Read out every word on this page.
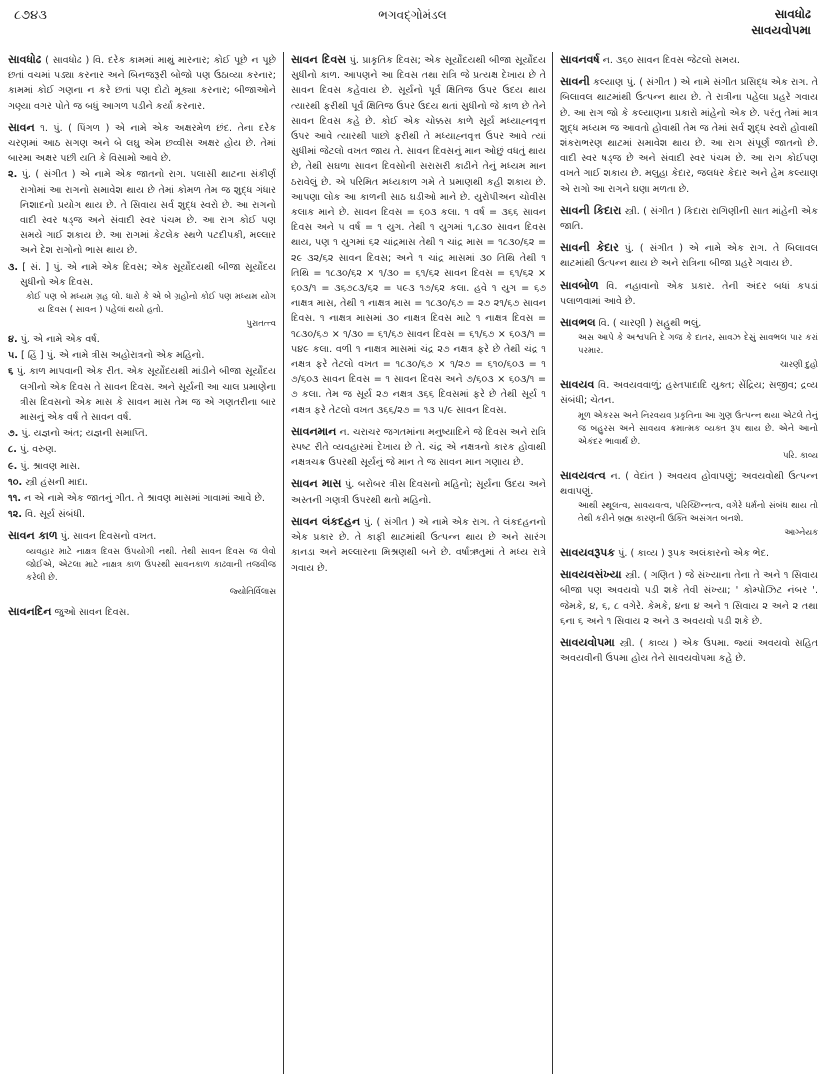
૮૭૪૩	ભગવદ્ગોમંડલ	સાવધોઢ
સાવયવોપમા
સાવધોઢ ( સાવધોઢ ) વિ. દરેક કામમાં માથું મારનાર; કોઈ પૂછે ન પૂછે છતાં વચમાં પડ્યા કરનાર અને બિનજરૂરી બોજો પણ ઉઠાવ્યા કરનાર; કામમાં કોઈ ગણના ન કરે છતાં પણ દોટો મૂક્યા કરનાર; બીજાઓને ગણ્યા વગર પોતે જ બધું આગળ પડીને કર્યા કરનાર.
સાવન ૧. પું. ( પિંગળ ) એ નામે એક અક્ષરમેળ છંદ. તેના દરેક ચરણમાં આઠ સગણ અને બે લઘુ એમ છવ્વીસ અક્ષર હોય છે. તેમાં બારમા અક્ષર પછી યતિ કે વિસામો આવે છે.
૨. પું. ( સંગીત ) એ નામે એક જાતનો રાગ. પલાસી થાટના સંકીર્ણ રાગોમાં આ રાગનો સમાવેશ થાય છે તેમાં કોમળ તેમ જ શુદ્ધ ગંધાર નિશાદનો પ્રયોગ થાય છે. તે સિવાય સર્વ શુદ્ધ સ્વરો છે. આ રાગનો વાદી સ્વર ષડ્જ અને સંવાદી સ્વર પંચમ છે. આ રાગ કોઈ પણ સમયે ગાઈ શકાય છે. આ રાગમાં કેટલેક સ્થળે પટદીપકી, મલ્લાર અને દેશ રાગોનો ભાસ થાય છે.
૩. [ સં. ] પું. એ નામે એક દિવસ; એક સૂર્યોદયથી બીજા સૂર્યોદય સુધીનો એક દિવસ.
કોઈ પણ બે મધ્યમ ગ્રહ લો. ધારો કે એ બે ગ્રહોનો કોઈ પણ મધ્યમ યોગ ય દિવસ ( સાવન ) પહેલાં થયો હતો.
પુરાતત્ત્વ
૪. પું. એ નામે એક વર્ષ.
૫. [ હિં ] પું. એ નામે ત્રીસ અહોરાત્રનો એક મહિનો.
૬ પું. કાળ માપવાની એક રીત. એક સૂર્યોદયથી માંડીને બીજા સૂર્યોદય લગીનો એક દિવસ તે સાવન દિવસ. અને સૂર્યની આ ચાલ પ્રમાણેના ત્રીસ દિવસનો એક માસ કે સાવન માસ તેમ જ એ ગણતરીના બાર માસનું એક વર્ષ તે સાવન વર્ષ.
૭. પું. યજ્ઞનો અંત; યજ્ઞની સમાપ્તિ.
૮. પું. વરુણ.
૯. પું. શ્રાવણ માસ.
૧૦. સ્ત્રી હંસની માદા.
૧૧. ન એ નામે એક જાતનું ગીત. તે શ્રાવણ માસમાં ગાવામાં આવે છે.
૧૨. વિ. સૂર્ય સંબંધી.
સાવન કાળ પું. સાવન દિવસનો વખત.
વ્યવહાર માટે નાક્ષત્ર દિવસ ઉપયોગી નથી. તેથી સાવન દિવસ જ લેવો જોઈએ, એટલા માટે નાક્ષત્ર કાળ ઉપરથી સાવનકાળ કાઢવાની તજવીજ કરેલી છે.
જ્યોતિર્વિલાસ
સાવનદિન જુઓ સાવન દિવસ.
સાવન દિવસ પું. પ્રાકૃતિક દિવસ; એક સૂર્યોદયથી બીજા સૂર્યોદય સુધીનો કાળ. આપણને આ દિવસ તથા રાત્રિ જે પ્રત્યક્ષ દેખાય છે તે સાવન દિવસ કહેવાય છે. સૂર્યનો પૂર્વ ક્ષિતિજ ઉપર ઉદય થાય ત્યારથી ફરીથી પૂર્વ ક્ષિતિજ ઉપર ઉદય થતાં સુધીનો જે કાળ છે તેને સાવન દિવસ કહે છે. કોઈ એક ચોક્કસ કાળે સૂર્ય મધ્યાહ્નવૃત્ત ઉપર આવે ત્યારથી પાછો ફરીથી તે મધ્યાહ્નવૃત્ત ઉપર આવે ત્યાં સુધીમાં જેટલો વખત જાય તે. સાવન દિવસનું માન ઓછું વધતું થાય છે, તેથી સઘળા સાવન દિવસોની સરાસરી કાઢીને તેનું મધ્યમ માન ઠરાવેલું છે. એ પરિમિત મધ્યકાળ ગમે તે પ્રમાણથી કહી શકાય છે. આપણા લોક આ કાળની સાઠ ઘડીઓ માને છે. યુરોપીઅન ચોવીસ કલાક માને છે. સાવન દિવસ = ૬૦૩ કલા. ૧ વર્ષ = ૩૬૬ સાવન દિવસ અને ૫ વર્ષ = ૧ યુગ. તેથી ૧ યુગમાં ૧,૮૩૦ સાવન દિવસ થાય, પણ ૧ યુગમાં ૬૨ ચાંદ્રમાસ તેથી ૧ ચાંદ્ર માસ = ૧૮૩૦/૬૨ = ૨૯ ૩૨/૬૨ સાવન દિવસ; અને ૧ ચાંદ્ર માસમાં ૩૦ તિથિ તેથી ૧ તિથિ = ૧૮૩૦/૬૨ × ૧/૩૦ = ૬૧/૬૨ સાવન દિવસ = ૬૧/૬૨ × ૬૦૩/૧ = ૩૬૭૮૩/૬૨ = ૫૯૩ ૧૭/૬૨ કલા. હવે ૧ યુગ = ૬૭ નાક્ષત્ર માસ, તેથી ૧ નાક્ષત્ર માસ = ૧૮૩૦/૬૭ = ૨૭ ૨૧/૬૭ સાવન દિવસ. ૧ નાક્ષત્ર માસમાં ૩૦ નાક્ષત્ર દિવસ માટે ૧ નાક્ષત્ર દિવસ = ૧૮૩૦/૬૭ × ૧/૩૦ = ૬૧/૬૭ સાવન દિવસ = ૬૧/૬૭ × ૬૦૩/૧ = ૫૪૯ કલા. વળી ૧ નાક્ષત્ર માસમાં ચંદ્ર ૨૭ નક્ષત્ર ફરે છે તેથી ચંદ્ર ૧ નક્ષત્ર ફરે તેટલો વખત = ૧૮૩૦/૬૭ × ૧/૨૭ = ૬૧૦/૬૦૩ = ૧ ૭/૬૦૩ સાવન દિવસ = ૧ સાવન દિવસ અને ૭/૬૦૩ × ૬૦૩/૧ = ૭ કલા. તેમ જ સૂર્ય ૨૭ નક્ષત્ર ૩૬૬ દિવસમાં ફરે છે તેથી સૂર્ય ૧ નક્ષત્ર ફરે તેટલો વખત ૩૬૬/૨૭ = ૧૩ ૫/૯ સાવન દિવસ.
સાવનમાન ન. ચરાચર જગતમાંના મનુષ્યાદિને જે દિવસ અને રાત્રિ સ્પષ્ટ રીતે વ્યવહારમાં દેખાય છે તે. ચંદ્ર એ નક્ષત્રનો કારક હોવાથી નક્ષત્રચક્ર ઉપરથી સૂર્યનું જે માન તે જ સાવન માન ગણાય છે.
સાવન માસ પું. બરોબર ત્રીસ દિવસનો મહિનો; સૂર્યના ઉદય અને અસ્તની ગણત્રી ઉપરથી થતો મહિનો.
સાવન લંકદહન પું. ( સંગીત ) એ નામે એક રાગ. તે લંકદહનનો એક પ્રકાર છે. તે કાફી થાટમાંથી ઉત્પન્ન થાય છે અને સારંગ કાનડા અને મલ્લારના મિશ્રણથી બને છે. વર્ષાઋતુમાં તે મધ્ય રાત્રે ગવાય છે.
સાવનવર્ષ ન. ૩૬૦ સાવન દિવસ જેટલો સમય.
સાવની કલ્યાણ પું. ( સંગીત ) એ નામે સંગીત પ્રસિદ્ધ એક રાગ. તે બિલાવલ થાટમાંથી ઉત્પન્ન થાય છે. તે રાત્રીના પહેલા પ્રહરે ગવાય છે. આ રાગ જો કે કલ્યાણના પ્રકારો માંહેનો એક છે. પરંતુ તેમાં માત્ર શુદ્ધ મધ્યમ જ આવતો હોવાથી તેમ જ તેમાં સર્વ શુદ્ધ સ્વરો હોવાથી શંકરાભરણ થાટમાં સમાવેશ થાય છે. આ રાગ સંપૂર્ણ જાતનો છે. વાદી સ્વર ષડ્જ છે અને સંવાદી સ્વર પંચમ છે. આ રાગ કોઈપણ વખતે ગાઈ શકાય છે. મલુહા કેદાર, જલધર કેદાર અને હેમ કલ્યાણ એ રાગો આ રાગને ઘણા મળતા છે.
સાવની કિદારા સ્ત્રી. ( સંગીત ) કિદારા રાગિણીની સાત માંહેની એક જાતિ.
સાવની કેદાર પું. ( સંગીત ) એ નામે એક રાગ. તે બિલાવલ થાટમાંથી ઉત્પન્ન થાય છે અને રાત્રિના બીજા પ્રહરે ગવાય છે.
સાવબોળ વિ. નહાવાનો એક પ્રકાર. તેની અંદર બધાં કપડાં પલાળવામાં આવે છે.
સાવભલ વિ. ( ચારણી ) સહુથી ભલું.
અસ આપે કે અશ્વપતિ દે ગજ કે દાતર, સાવઝ દેસું સાવભલ પાર કરાં પરમાર.
ચારણી દુહો
સાવયવ વિ. અવયવવાળું; હસ્તપાદાદિ યુક્ત; સેંદ્રિય; સજીવ; દ્રવ્ય સંબંધી; ચેતન.
મૂળ એકરસ અને નિરવયવ પ્રકૃતિના આ ગુણ ઉત્પન્ન થયા એટલે તેનું જ બહુરસ અને સાવયવ ક્રમાત્મક વ્યક્ત રૂપ થાય છે. એને આનો એકંદર ભાવાર્થ છે.
પરિ. કાવ્ય
સાવયવત્વ ન. ( વેદાંત ) અવયવ હોવાપણું; અવયવોથી ઉત્પન્ન થવાપણું.
આથી સ્થૂલત્વ, સાવયવત્વ, પરિચ્છિન્નત્વ, વગેરે ધર્મનો સંબંધ થાય તો તેથી કરીને બ્રહ્મ કારણની ઉક્તિ અસંગત બનશે.
આગ્નેયક
સાવયવરૂપક પું. ( કાવ્ય ) રૂપક અલંકારનો એક ભેદ.
સાવયવસંખ્યા સ્ત્રી. ( ગણિત ) જે સંખ્યાના તેના તે અને ૧ સિવાય બીજા પણ અવયવો પડી શકે તેવી સંખ્યા; ' કોમ્પોઝિટ નંબર '. જેમકે, ૪, ૬, ૮ વગેરે. કેમકે, ૪ના ૪ અને ૧ સિવાય ૨ અને ૨ તથા ૬ના ૬ અને ૧ સિવાય ૨ અને ૩ અવયવો પડી શકે છે.
સાવયવોપમા સ્ત્રી. ( કાવ્ય ) એક ઉપમા. જ્યાં અવયવો સહિત અવયવીની ઉપમા હોય તેને સાવયવોપમા કહે છે.
